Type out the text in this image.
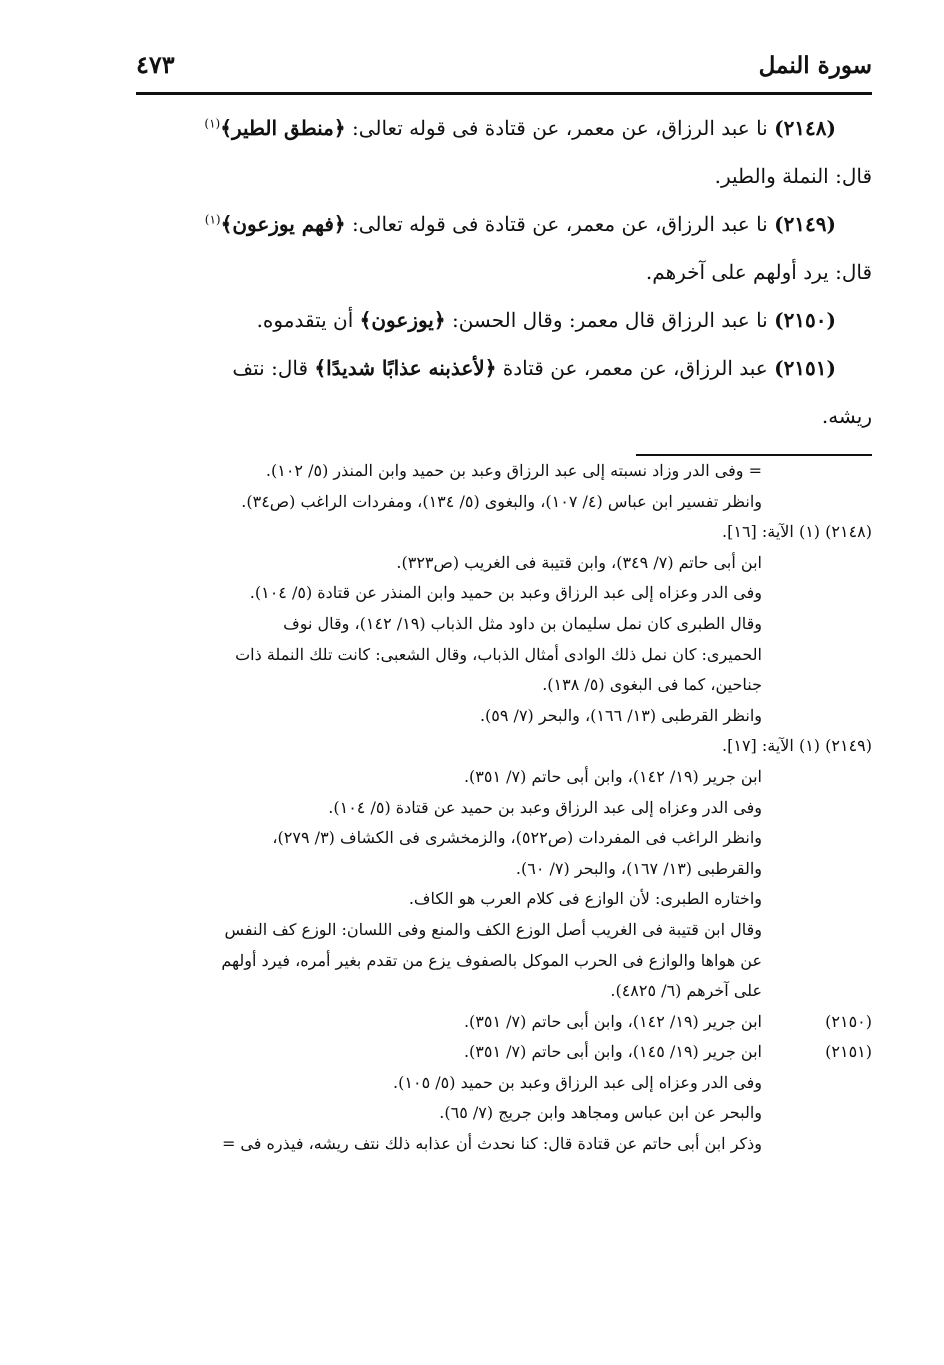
سورة النمل
٤٧٣
(٢١٤٨) نا عبد الرزاق، عن معمر، عن قتادة فى قوله تعالى: ﴿منطق الطير﴾$^{(١)}$
قال: النملة والطير.
(٢١٤٩) نا عبد الرزاق، عن معمر، عن قتادة فى قوله تعالى: ﴿فهم يوزعون﴾$^{(١)}$
قال: يرد أولهم على آخرهم.
(٢١٥٠) نا عبد الرزاق قال معمر: وقال الحسن: ﴿يوزعون﴾ أن يتقدموه.
(٢١٥١) عبد الرزاق، عن معمر، عن قتادة ﴿لأعذبنه عذابًا شديدًا﴾ قال: نتف
ريشه.
= وفى الدر وزاد نسبته إلى عبد الرزاق وعبد بن حميد وابن المنذر (٥/ ١٠٢).
وانظر تفسير ابن عباس (٤/ ١٠٧)، والبغوى (٥/ ١٣٤)، ومفردات الراغب (ص٣٤).
(٢١٤٨) (١) الآية: [١٦].
ابن أبى حاتم (٧/ ٣٤٩)، وابن قتيبة فى الغريب (ص٣٢٣).
وفى الدر وعزاه إلى عبد الرزاق وعبد بن حميد وابن المنذر عن قتادة (٥/ ١٠٤).
وقال الطبرى كان نمل سليمان بن داود مثل الذباب (١٩/ ١٤٢)، وقال نوف
الحميرى: كان نمل ذلك الوادى أمثال الذباب، وقال الشعبى: كانت تلك النملة ذات
جناحين، كما فى البغوى (٥/ ١٣٨).
وانظر القرطبى (١٣/ ١٦٦)، والبحر (٧/ ٥٩).
(٢١٤٩) (١) الآية: [١٧].
ابن جرير (١٩/ ١٤٢)، وابن أبى حاتم (٧/ ٣٥١).
وفى الدر وعزاه إلى عبد الرزاق وعبد بن حميد عن قتادة (٥/ ١٠٤).
وانظر الراغب فى المفردات (ص٥٢٢)، والزمخشرى فى الكشاف (٣/ ٢٧٩)،
والقرطبى (١٣/ ١٦٧)، والبحر (٧/ ٦٠).
واختاره الطبرى: لأن الوازع فى كلام العرب هو الكاف.
وقال ابن قتيبة فى الغريب أصل الوزع الكف والمنع وفى اللسان: الوزع كف النفس
عن هواها والوازع فى الحرب الموكل بالصفوف يزع من تقدم بغير أمره، فيرد أولهم
على آخرهم (٦/ ٤٨٢٥).
(٢١٥٠)
ابن جرير (١٩/ ١٤٢)، وابن أبى حاتم (٧/ ٣٥١).
(٢١٥١)
ابن جرير (١٩/ ١٤٥)، وابن أبى حاتم (٧/ ٣٥١).
وفى الدر وعزاه إلى عبد الرزاق وعبد بن حميد (٥/ ١٠٥).
والبحر عن ابن عباس ومجاهد وابن جريج (٧/ ٦٥).
وذكر ابن أبى حاتم عن قتادة قال: كنا نحدث أن عذابه ذلك نتف ريشه، فيذره فى =
